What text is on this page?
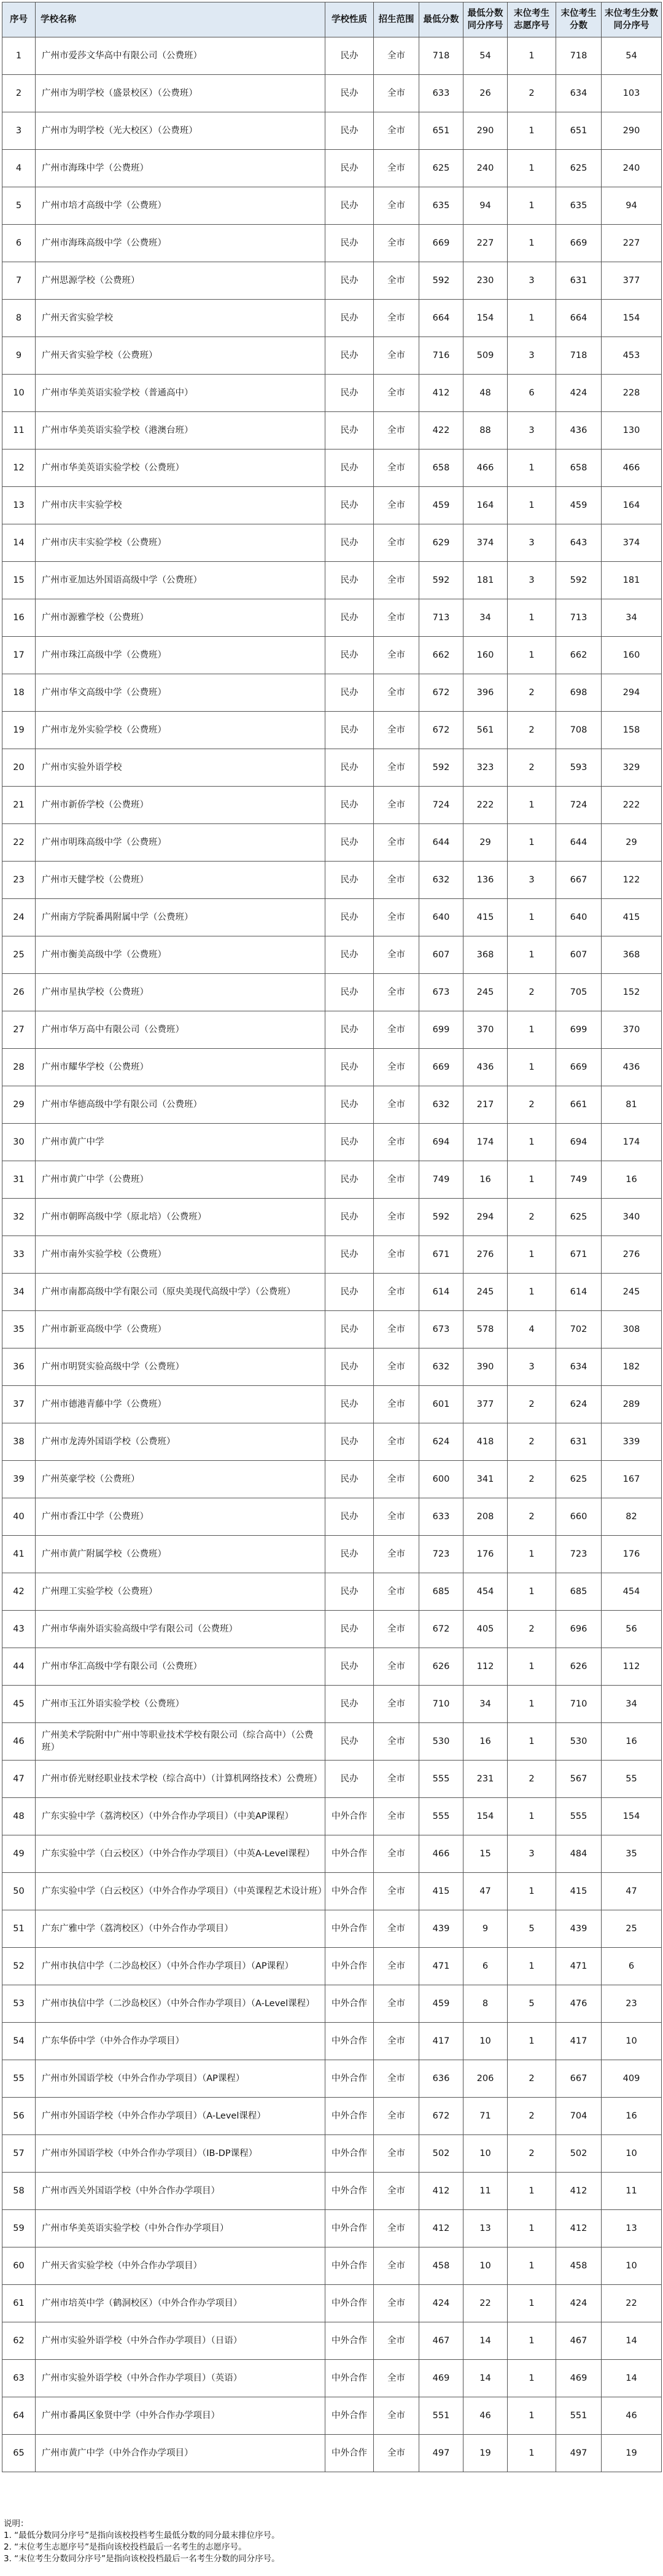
序号	学校名称	学校性质	招生范围	最低分数	最低分数同分序号	末位考生志愿序号	末位考生分数	末位考生分数同分序号
1	广州市爱莎文华高中有限公司（公费班）	民办	全市	718	54	1	718	54
2	广州市为明学校（盛景校区）（公费班）	民办	全市	633	26	2	634	103
3	广州市为明学校（光大校区）（公费班）	民办	全市	651	290	1	651	290
4	广州市海珠中学（公费班）	民办	全市	625	240	1	625	240
5	广州市培才高级中学（公费班）	民办	全市	635	94	1	635	94
6	广州市海珠高级中学（公费班）	民办	全市	669	227	1	669	227
7	广州思源学校（公费班）	民办	全市	592	230	3	631	377
8	广州天省实验学校	民办	全市	664	154	1	664	154
9	广州天省实验学校（公费班）	民办	全市	716	509	3	718	453
10	广州市华美英语实验学校（普通高中）	民办	全市	412	48	6	424	228
11	广州市华美英语实验学校（港澳台班）	民办	全市	422	88	3	436	130
12	广州市华美英语实验学校（公费班）	民办	全市	658	466	1	658	466
13	广州市庆丰实验学校	民办	全市	459	164	1	459	164
14	广州市庆丰实验学校（公费班）	民办	全市	629	374	3	643	374
15	广州市亚加达外国语高级中学（公费班）	民办	全市	592	181	3	592	181
16	广州市源雅学校（公费班）	民办	全市	713	34	1	713	34
17	广州市珠江高级中学（公费班）	民办	全市	662	160	1	662	160
18	广州市华文高级中学（公费班）	民办	全市	672	396	2	698	294
19	广州市龙外实验学校（公费班）	民办	全市	672	561	2	708	158
20	广州市实验外语学校	民办	全市	592	323	2	593	329
21	广州市新侨学校（公费班）	民办	全市	724	222	1	724	222
22	广州市明珠高级中学（公费班）	民办	全市	644	29	1	644	29
23	广州市天健学校（公费班）	民办	全市	632	136	3	667	122
24	广州南方学院番禺附属中学（公费班）	民办	全市	640	415	1	640	415
25	广州市衡美高级中学（公费班）	民办	全市	607	368	1	607	368
26	广州市星执学校（公费班）	民办	全市	673	245	2	705	152
27	广州市华万高中有限公司（公费班）	民办	全市	699	370	1	699	370
28	广州市耀华学校（公费班）	民办	全市	669	436	1	669	436
29	广州市华德高级中学有限公司（公费班）	民办	全市	632	217	2	661	81
30	广州市黄广中学	民办	全市	694	174	1	694	174
31	广州市黄广中学（公费班）	民办	全市	749	16	1	749	16
32	广州市朝晖高级中学（原北培）（公费班）	民办	全市	592	294	2	625	340
33	广州市南外实验学校（公费班）	民办	全市	671	276	1	671	276
34	广州市南都高级中学有限公司（原央美现代高级中学）（公费班）	民办	全市	614	245	1	614	245
35	广州市新亚高级中学（公费班）	民办	全市	673	578	4	702	308
36	广州市明贤实验高级中学（公费班）	民办	全市	632	390	3	634	182
37	广州市德港青藤中学（公费班）	民办	全市	601	377	2	624	289
38	广州市龙涛外国语学校（公费班）	民办	全市	624	418	2	631	339
39	广州英豪学校（公费班）	民办	全市	600	341	2	625	167
40	广州市香江中学（公费班）	民办	全市	633	208	2	660	82
41	广州市黄广附属学校（公费班）	民办	全市	723	176	1	723	176
42	广州理工实验学校（公费班）	民办	全市	685	454	1	685	454
43	广州市华南外语实验高级中学有限公司（公费班）	民办	全市	672	405	2	696	56
44	广州市华汇高级中学有限公司（公费班）	民办	全市	626	112	1	626	112
45	广州市玉江外语实验学校（公费班）	民办	全市	710	34	1	710	34
46	广州美术学院附中广州中等职业技术学校有限公司（综合高中）（公费班）	民办	全市	530	16	1	530	16
47	广州市侨光财经职业技术学校（综合高中）（计算机网络技术）公费班）	民办	全市	555	231	2	567	55
48	广东实验中学（荔湾校区）（中外合作办学项目）（中美AP课程）	中外合作	全市	555	154	1	555	154
49	广东实验中学（白云校区）（中外合作办学项目）（中英A-Level课程）	中外合作	全市	466	15	3	484	35
50	广东实验中学（白云校区）（中外合作办学项目）（中英课程艺术设计班）	中外合作	全市	415	47	1	415	47
51	广东广雅中学（荔湾校区）（中外合作办学项目）	中外合作	全市	439	9	5	439	25
52	广州市执信中学（二沙岛校区）（中外合作办学项目）（AP课程）	中外合作	全市	471	6	1	471	6
53	广州市执信中学（二沙岛校区）（中外合作办学项目）（A-Level课程）	中外合作	全市	459	8	5	476	23
54	广东华侨中学（中外合作办学项目）	中外合作	全市	417	10	1	417	10
55	广州市外国语学校（中外合作办学项目）（AP课程）	中外合作	全市	636	206	2	667	409
56	广州市外国语学校（中外合作办学项目）（A-Level课程）	中外合作	全市	672	71	2	704	16
57	广州市外国语学校（中外合作办学项目）（IB-DP课程）	中外合作	全市	502	10	2	502	10
58	广州市西关外国语学校（中外合作办学项目）	中外合作	全市	412	11	1	412	11
59	广州市华美英语实验学校（中外合作办学项目）	中外合作	全市	412	13	1	412	13
60	广州天省实验学校（中外合作办学项目）	中外合作	全市	458	10	1	458	10
61	广州市培英中学（鹤洞校区）（中外合作办学项目）	中外合作	全市	424	22	1	424	22
62	广州市实验外语学校（中外合作办学项目）（日语）	中外合作	全市	467	14	1	467	14
63	广州市实验外语学校（中外合作办学项目）（英语）	中外合作	全市	469	14	1	469	14
64	广州市番禺区象贤中学（中外合作办学项目）	中外合作	全市	551	46	1	551	46
65	广州市黄广中学（中外合作办学项目）	中外合作	全市	497	19	1	497	19
说明：
1. “最低分数同分序号”是指向该校投档考生最低分数的同分最末排位序号。
2. “末位考生志愿序号”是指向该校投档最后一名考生的志愿序号。
3. “末位考生分数同分序号”是指向该校投档最后一名考生分数的同分序号。
